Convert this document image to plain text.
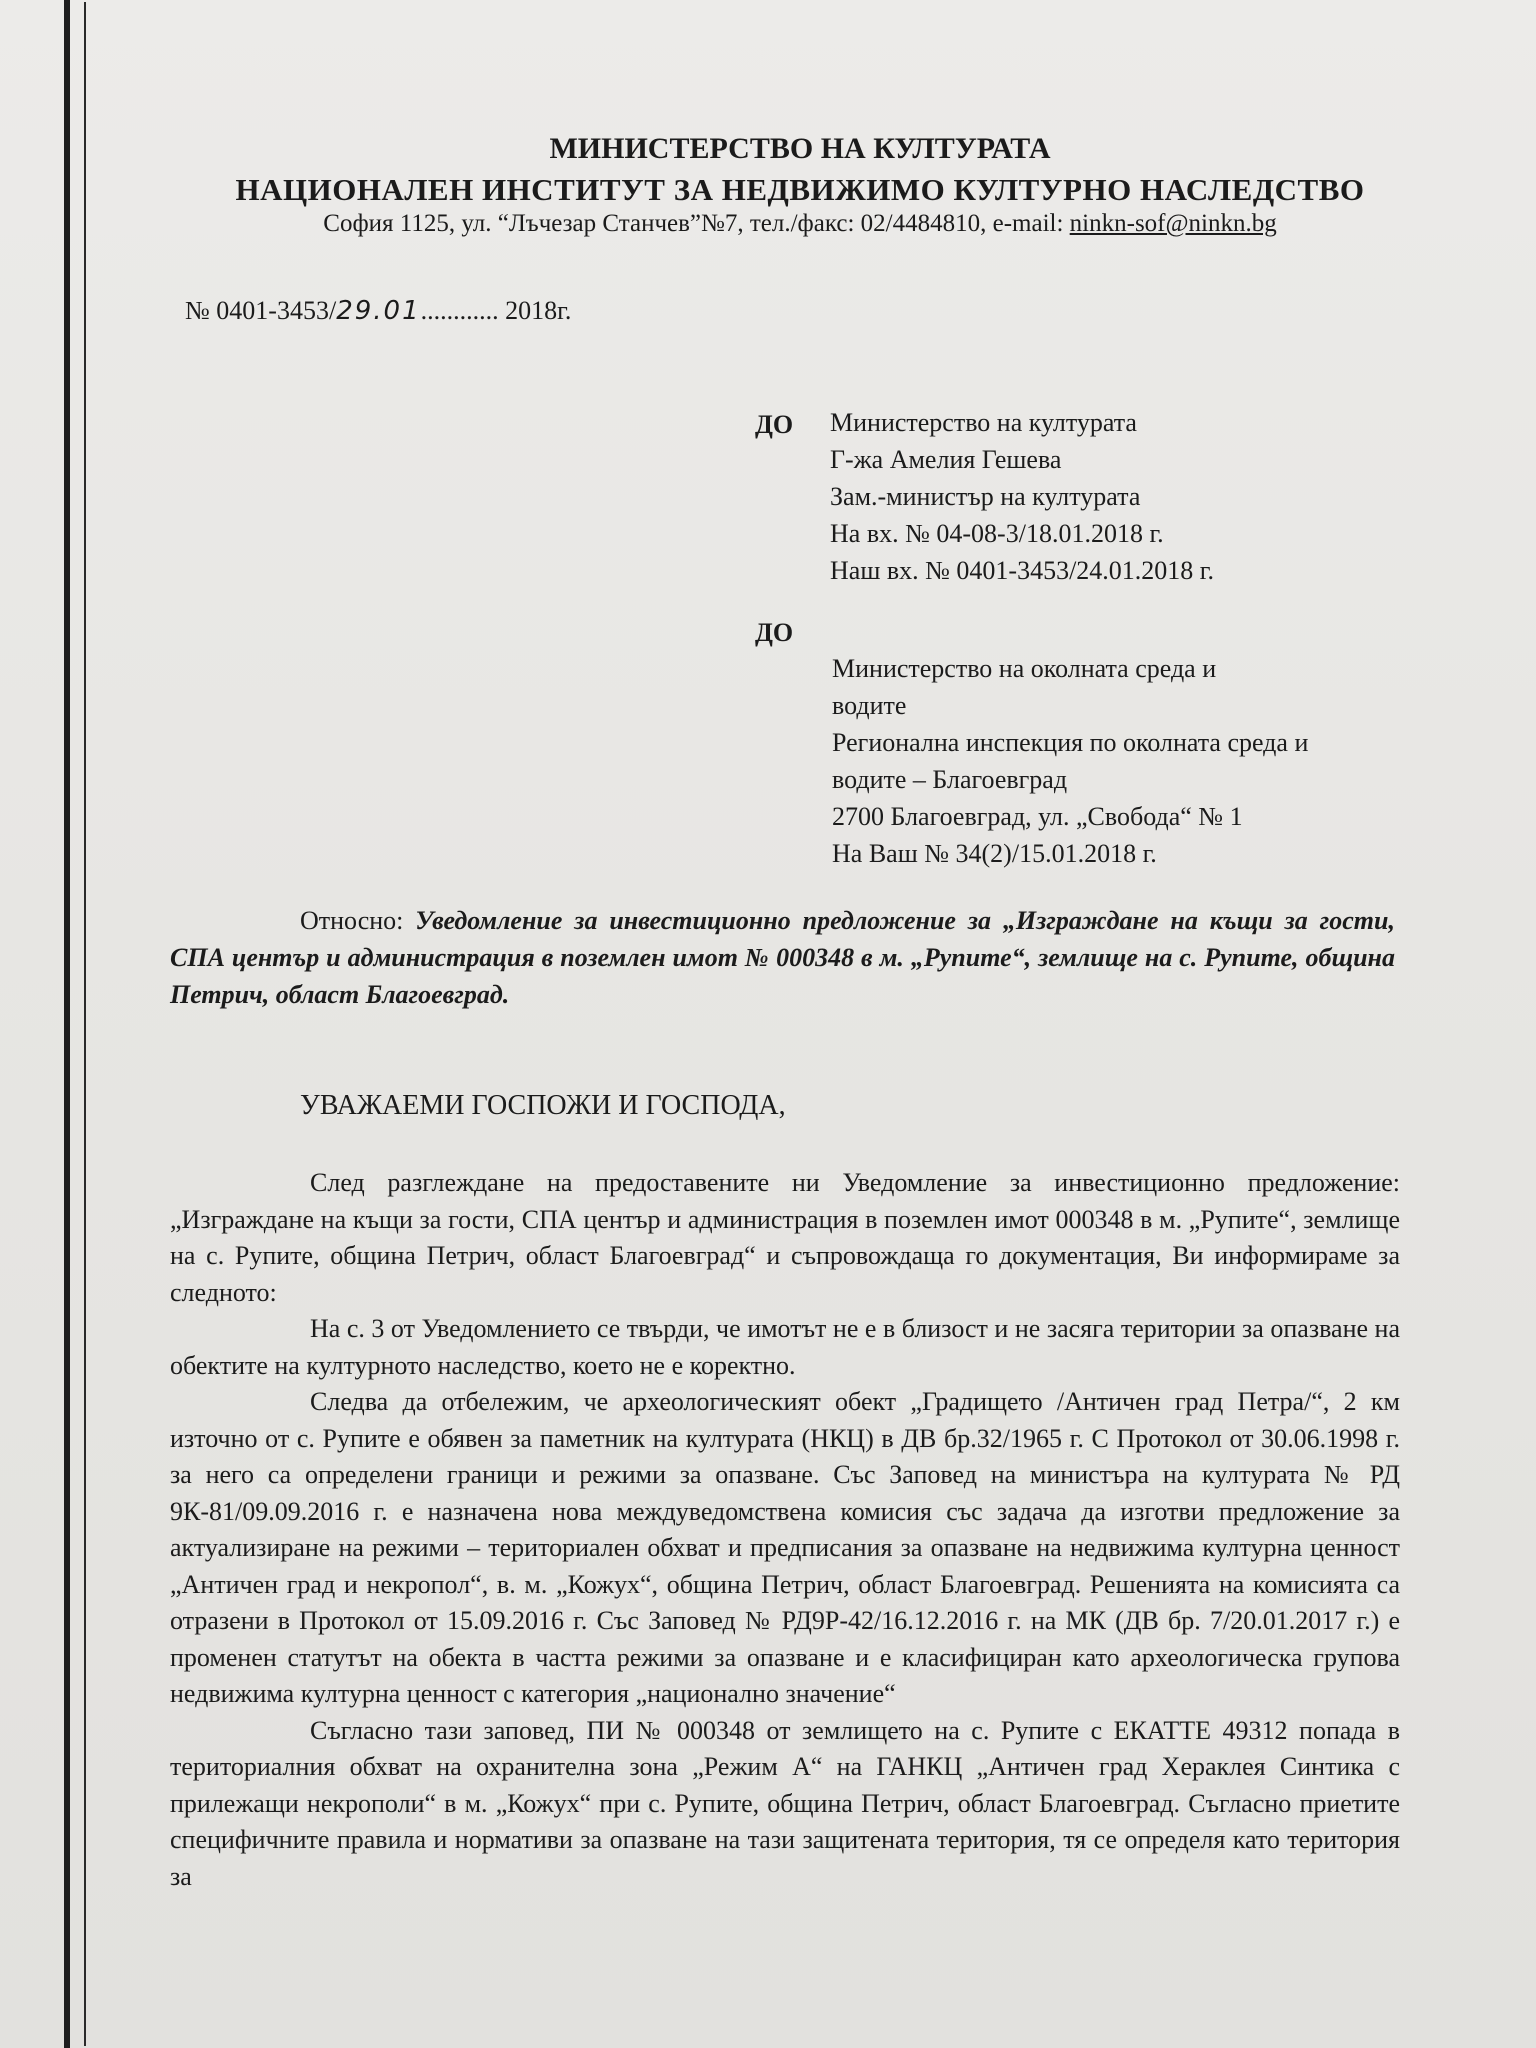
МИНИСТЕРСТВО НА КУЛТУРАТА
НАЦИОНАЛЕН ИНСТИТУТ ЗА НЕДВИЖИМО КУЛТУРНО НАСЛЕДСТВО
София 1125, ул. “Лъчезар Станчев”№7, тел./факс: 02/4484810, e-mail: ninkn-sof@ninkn.bg
№ 0401-3453/29.01............ 2018г.
ДО Министерство на културата
Г-жа Амелия Гешева
Зам.-министър на културата
На вх. № 04-08-3/18.01.2018 г.
Наш вх. № 0401-3453/24.01.2018 г.
ДО
Министерство на околната среда и
водите
Регионална инспекция по околната среда и
водите – Благоевград
2700 Благоевград, ул. „Свобода“ № 1
На Ваш № 34(2)/15.01.2018 г.
Относно: Уведомление за инвестиционно предложение за „Изграждане на къщи за гости, СПА център и администрация в поземлен имот № 000348 в м. „Рупите“, землище на с. Рупите, община Петрич, област Благоевград.
УВАЖАЕМИ ГОСПОЖИ И ГОСПОДА,

След разглеждане на предоставените ни Уведомление за инвестиционно предложение: „Изграждане на къщи за гости, СПА център и администрация в поземлен имот 000348 в м. „Рупите“, землище на с. Рупите, община Петрич, област Благоевград“ и съпровождаща го документация, Ви информираме за следното:

На с. 3 от Уведомлението се твърди, че имотът не е в близост и не засяга територии за опазване на обектите на културното наследство, което не е коректно.

Следва да отбележим, че археологическият обект „Градището /Античен град Петра/“, 2 км източно от с. Рупите е обявен за паметник на културата (НКЦ) в ДВ бр.32/1965 г. С Протокол от 30.06.1998 г. за него са определени граници и режими за опазване. Със Заповед на министъра на културата № РД 9К-81/09.09.2016 г. е назначена нова междуведомствена комисия със задача да изготви предложение за актуализиране на режими – териториален обхват и предписания за опазване на недвижима културна ценност „Античен град и некропол“, в. м. „Кожух“, община Петрич, област Благоевград. Решенията на комисията са отразени в Протокол от 15.09.2016 г. Със Заповед № РД9Р-42/16.12.2016 г. на МК (ДВ бр. 7/20.01.2017 г.) е променен статутът на обекта в частта режими за опазване и е класифициран като археологическа групова недвижима културна ценност с категория „национално значение“

Съгласно тази заповед, ПИ № 000348 от землището на с. Рупите с ЕКАТТЕ 49312 попада в териториалния обхват на охранителна зона „Режим А“ на ГАНКЦ „Античен град Хераклея Синтика с прилежащи некрополи“ в м. „Кожух“ при с. Рупите, община Петрич, област Благоевград. Съгласно приетите специфичните правила и нормативи за опазване на тази защитената територия, тя се определя като територия за
